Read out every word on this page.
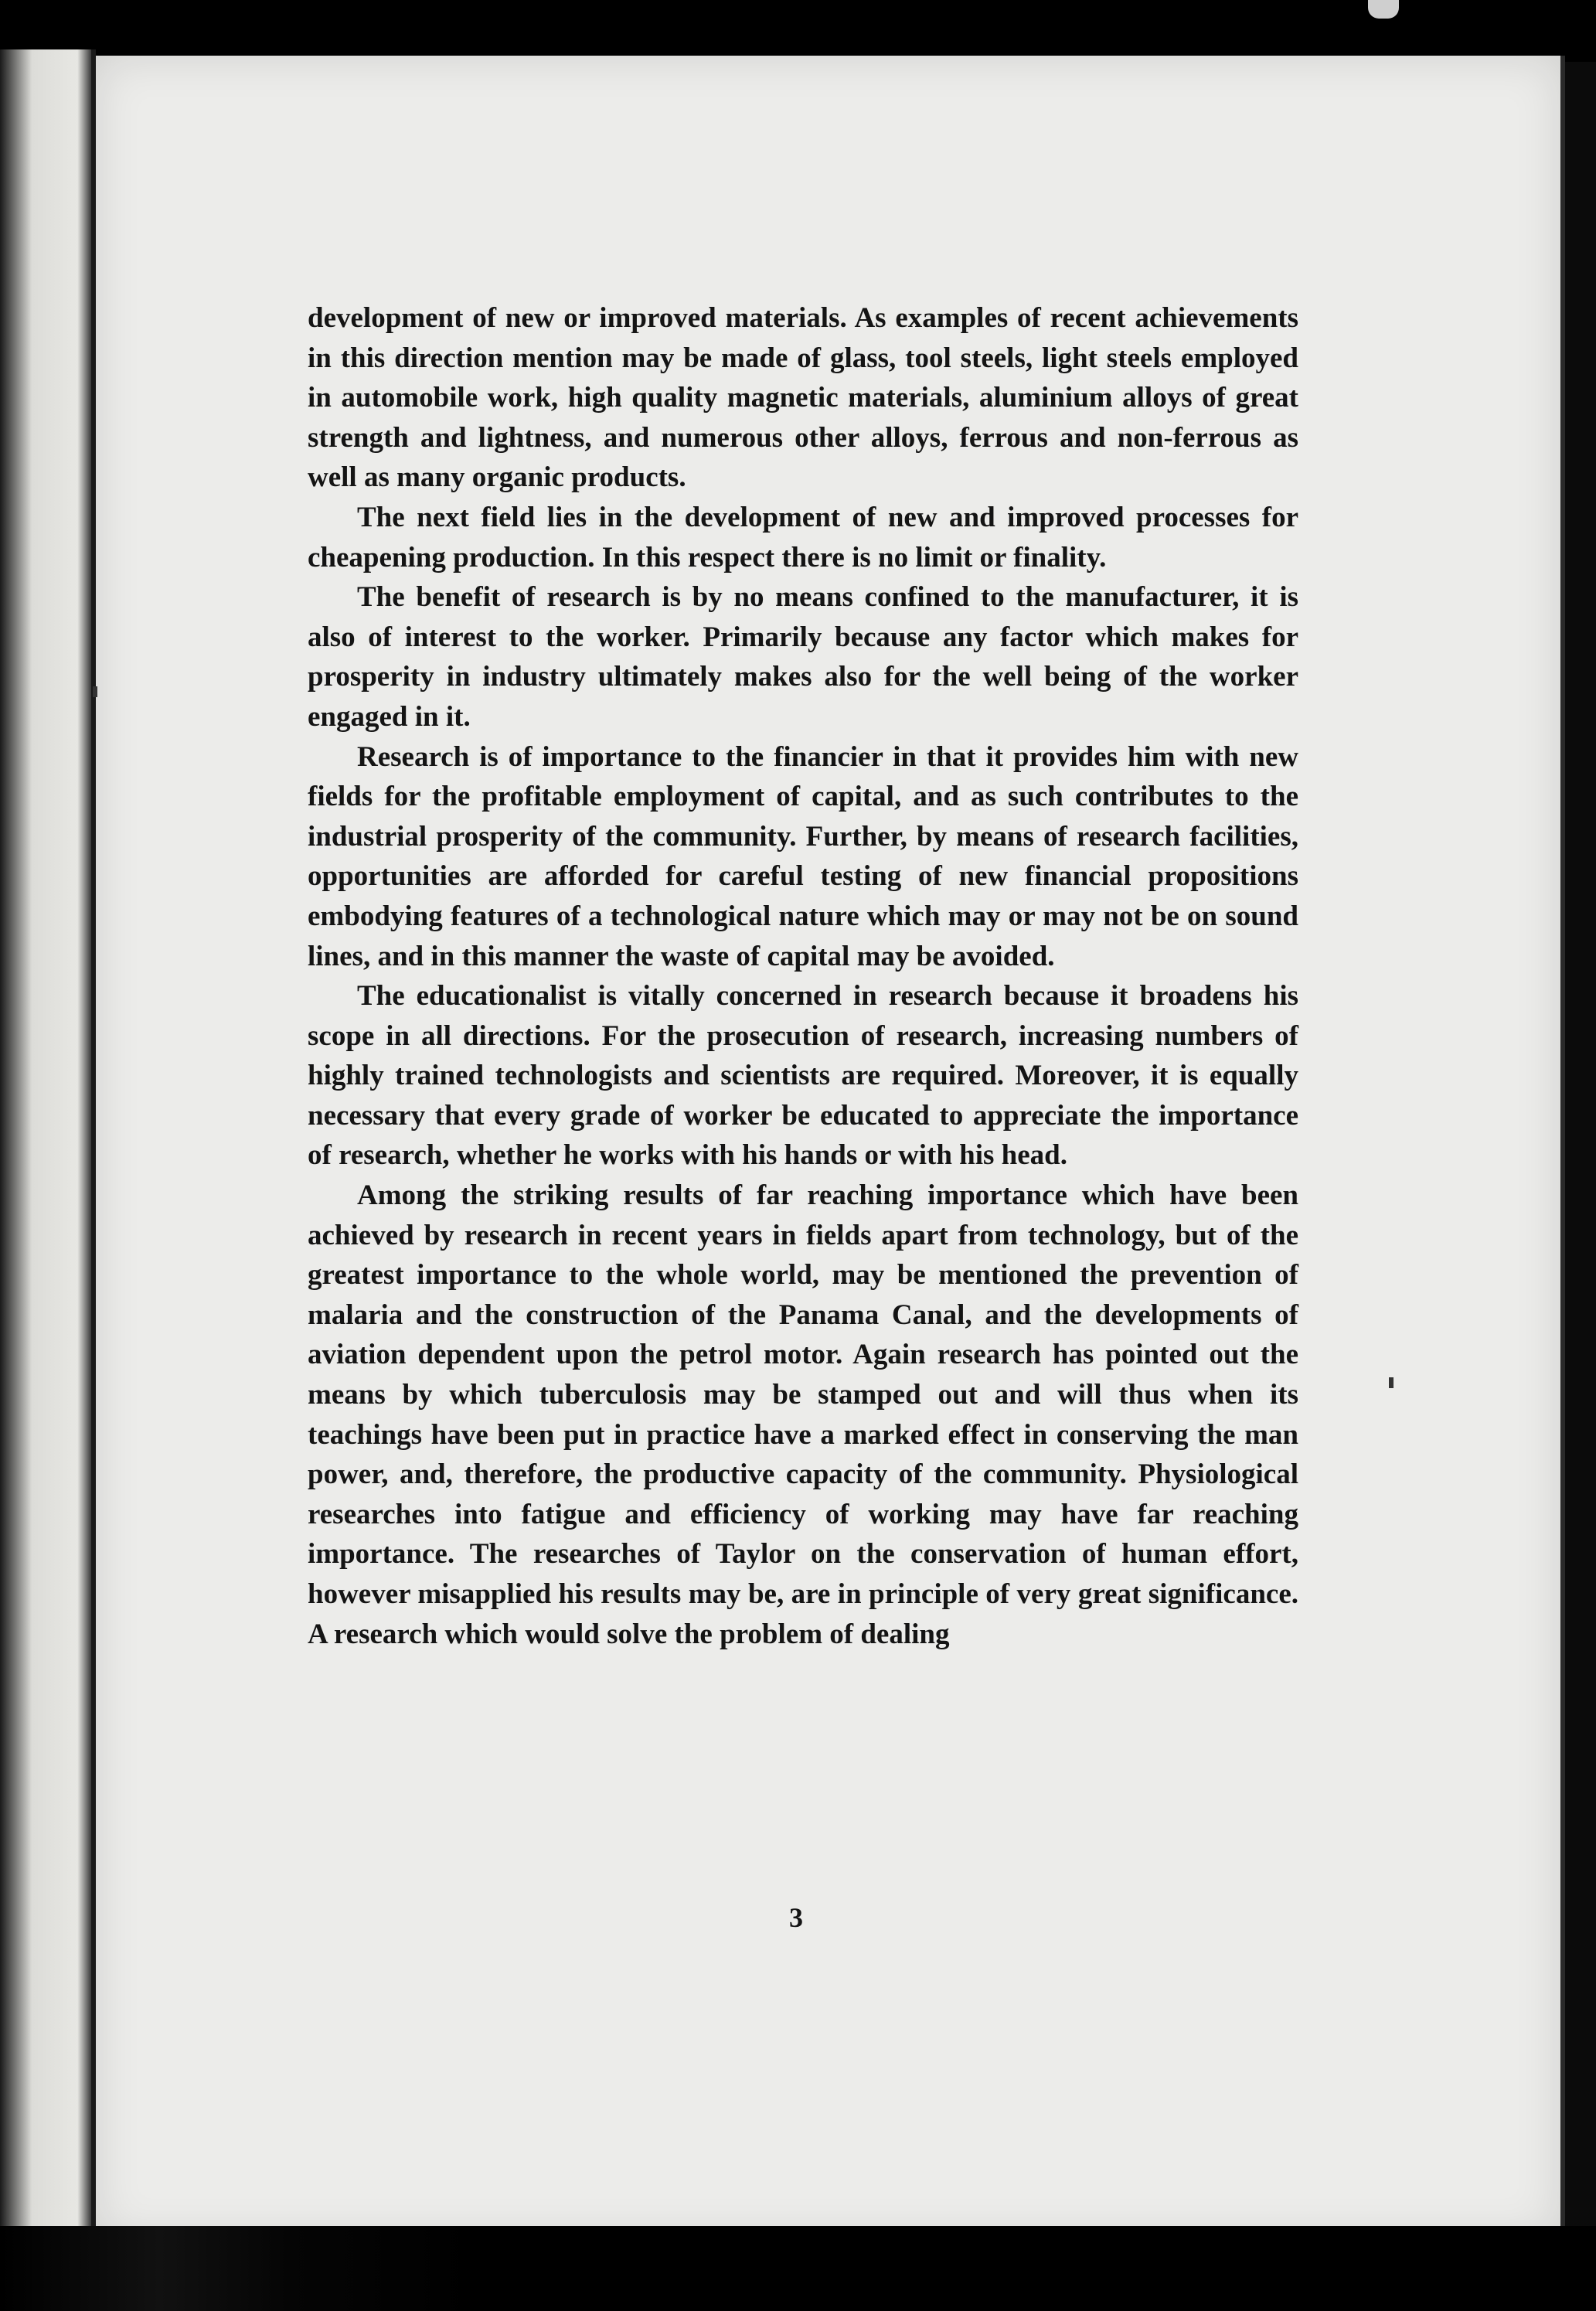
development of new or improved materials. As examples of recent achievements in this direction mention may be made of glass, tool steels, light steels employed in automobile work, high quality magnetic materials, aluminium alloys of great strength and lightness, and numerous other alloys, ferrous and non-ferrous as well as many organic products.

The next field lies in the development of new and improved processes for cheapening production. In this respect there is no limit or finality.

The benefit of research is by no means confined to the manufacturer, it is also of interest to the worker. Primarily because any factor which makes for prosperity in industry ultimately makes also for the well being of the worker engaged in it.

Research is of importance to the financier in that it provides him with new fields for the profitable employment of capital, and as such contributes to the industrial prosperity of the community. Further, by means of research facilities, opportunities are afforded for careful testing of new financial propositions embodying features of a technological nature which may or may not be on sound lines, and in this manner the waste of capital may be avoided.

The educationalist is vitally concerned in research because it broadens his scope in all directions. For the prosecution of research, increasing numbers of highly trained technologists and scientists are required. Moreover, it is equally necessary that every grade of worker be educated to appreciate the importance of research, whether he works with his hands or with his head.

Among the striking results of far reaching importance which have been achieved by research in recent years in fields apart from technology, but of the greatest importance to the whole world, may be mentioned the prevention of malaria and the construction of the Panama Canal, and the developments of aviation dependent upon the petrol motor. Again research has pointed out the means by which tuberculosis may be stamped out and will thus when its teachings have been put in practice have a marked effect in conserving the man power, and, therefore, the productive capacity of the community. Physiological researches into fatigue and efficiency of working may have far reaching importance. The researches of Taylor on the conservation of human effort, however misapplied his results may be, are in principle of very great significance. A research which would solve the problem of dealing

3
